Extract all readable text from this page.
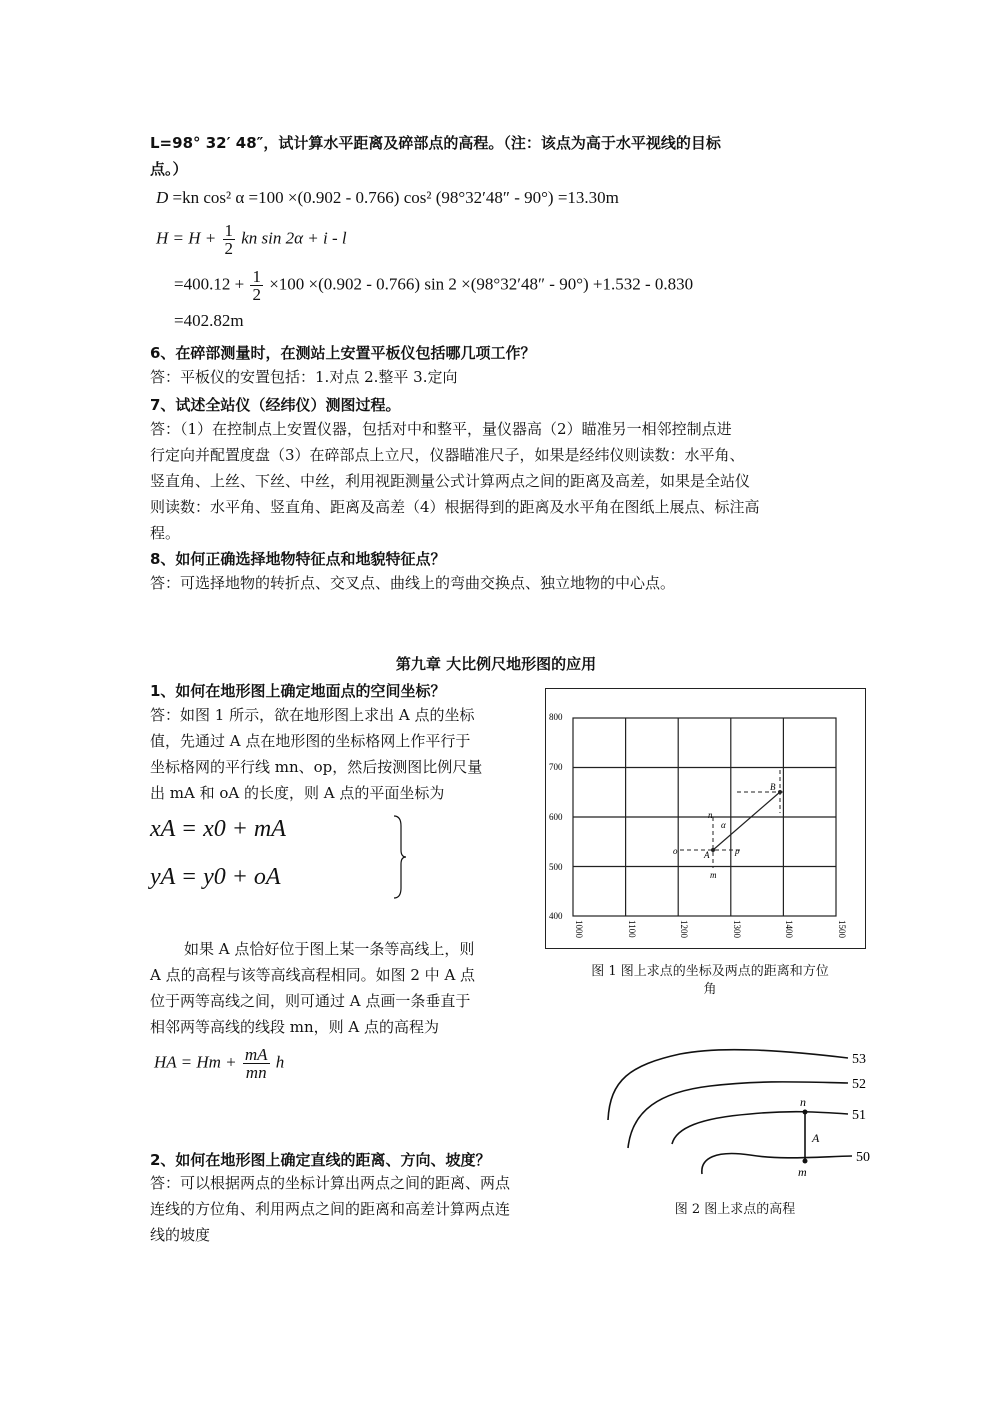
L=98° 32′ 48″，试计算水平距离及碎部点的高程。（注：该点为高于水平视线的目标
点。）
D =kn cos² α =100 ×(0.902 - 0.766) cos² (98°32′48″ - 90°) =13.30m
$H = H + \frac{1}{2}$ kn sin 2α + i - l
$=400.12 + \frac{1}{2} \times 100 \times(0.902 - 0.766)$ sin 2 ×(98°32′48″ - 90°) +1.532 - 0.830
=402.82m
6、在碎部测量时，在测站上安置平板仪包括哪几项工作？
答：平板仪的安置包括：1.对点 2.整平 3.定向
7、试述全站仪（经纬仪）测图过程。
答：（1）在控制点上安置仪器，包括对中和整平，量仪器高（2）瞄准另一相邻控制点进
行定向并配置度盘（3）在碎部点上立尺，仪器瞄准尺子，如果是经纬仪则读数：水平角、
竖直角、上丝、下丝、中丝，利用视距测量公式计算两点之间的距离及高差，如果是全站仪
则读数：水平角、竖直角、距离及高差（4）根据得到的距离及水平角在图纸上展点、标注高
程。
8、如何正确选择地物特征点和地貌特征点？
答：可选择地物的转折点、交叉点、曲线上的弯曲交换点、独立地物的中心点。
第九章 大比例尺地形图的应用
1、如何在地形图上确定地面点的空间坐标？
答：如图 1 所示，欲在地形图上求出 A 点的坐标
值，先通过 A 点在地形图的坐标格网上作平行于
坐标格网的平行线 mn、op，然后按测图比例尺量
出 mA 和 oA 的长度，则 A 点的平面坐标为
xA = x0 + mA
yA = y0 + oA
如果 A 点恰好位于图上某一条等高线上，则
A 点的高程与该等高线高程相同。如图 2 中 A 点
位于两等高线之间，则可通过 A 点画一条垂直于
相邻两等高线的线段 mn，则 A 点的高程为
HA = $Hm + \frac{mA}{mn}$ h
2、如何在地形图上确定直线的距离、方向、坡度？
答：可以根据两点的坐标计算出两点之间的距离、两点
连线的方位角、利用两点之间的距离和高差计算两点连
线的坡度
800
700
600
500
400
1000	1100	1200	1300	1400	1500
n
m
o	p
A
B
α
图 1 图上求点的坐标及两点的距离和方位
角
53
52
51
50
n
m
A
图 2 图上求点的高程
